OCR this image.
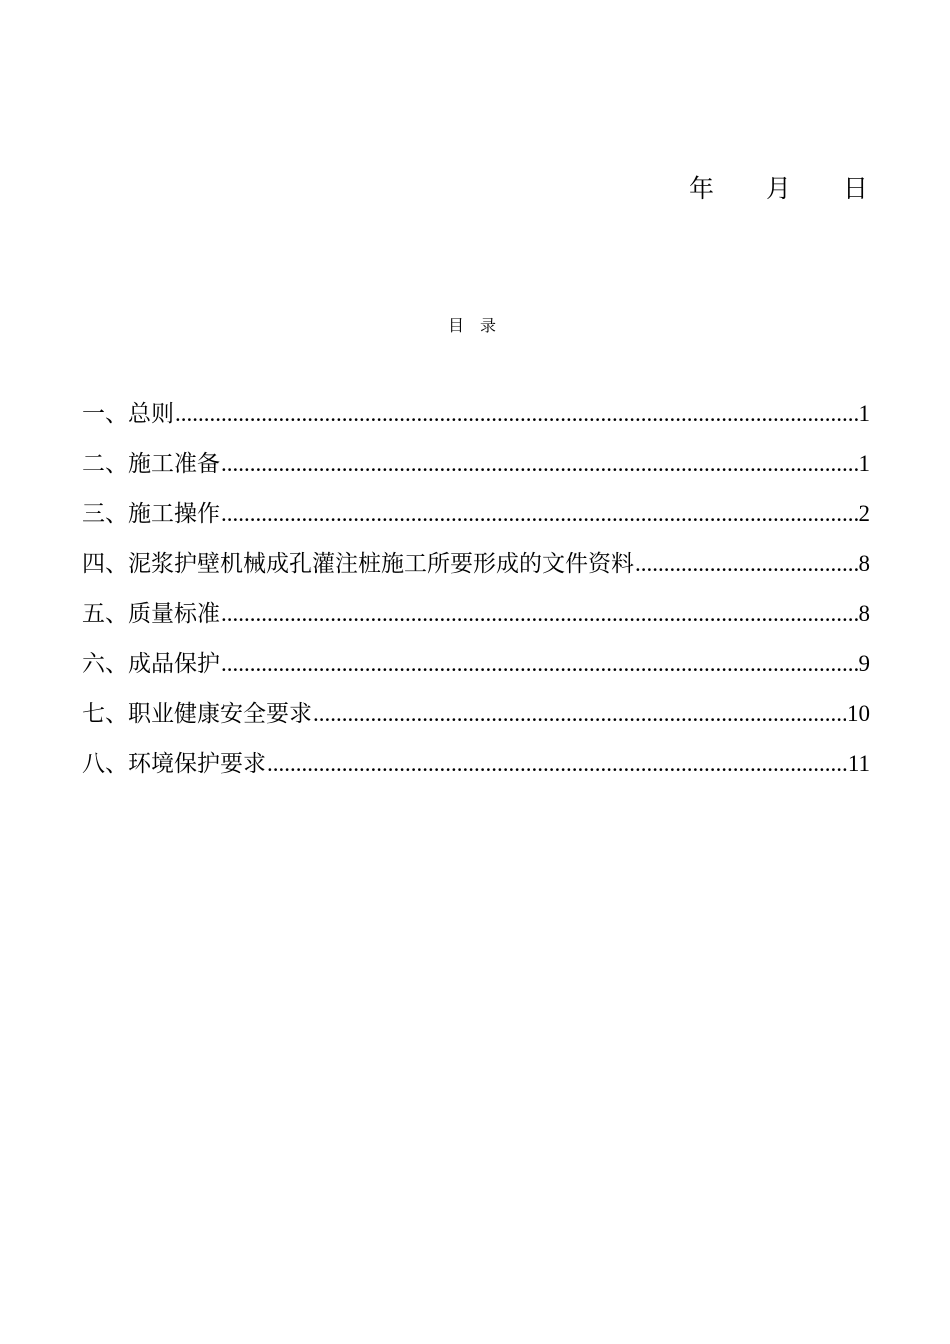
年 月 日
目 录
一、总则 .....	1
二、施工准备 .....	1
三、施工操作 .....	2
四、泥浆护壁机械成孔灌注桩施工所要形成的文件资料 .....	8
五、质量标准 .....	8
六、成品保护 .....	9
七、职业健康安全要求 .....	10
八、环境保护要求 .....	11
